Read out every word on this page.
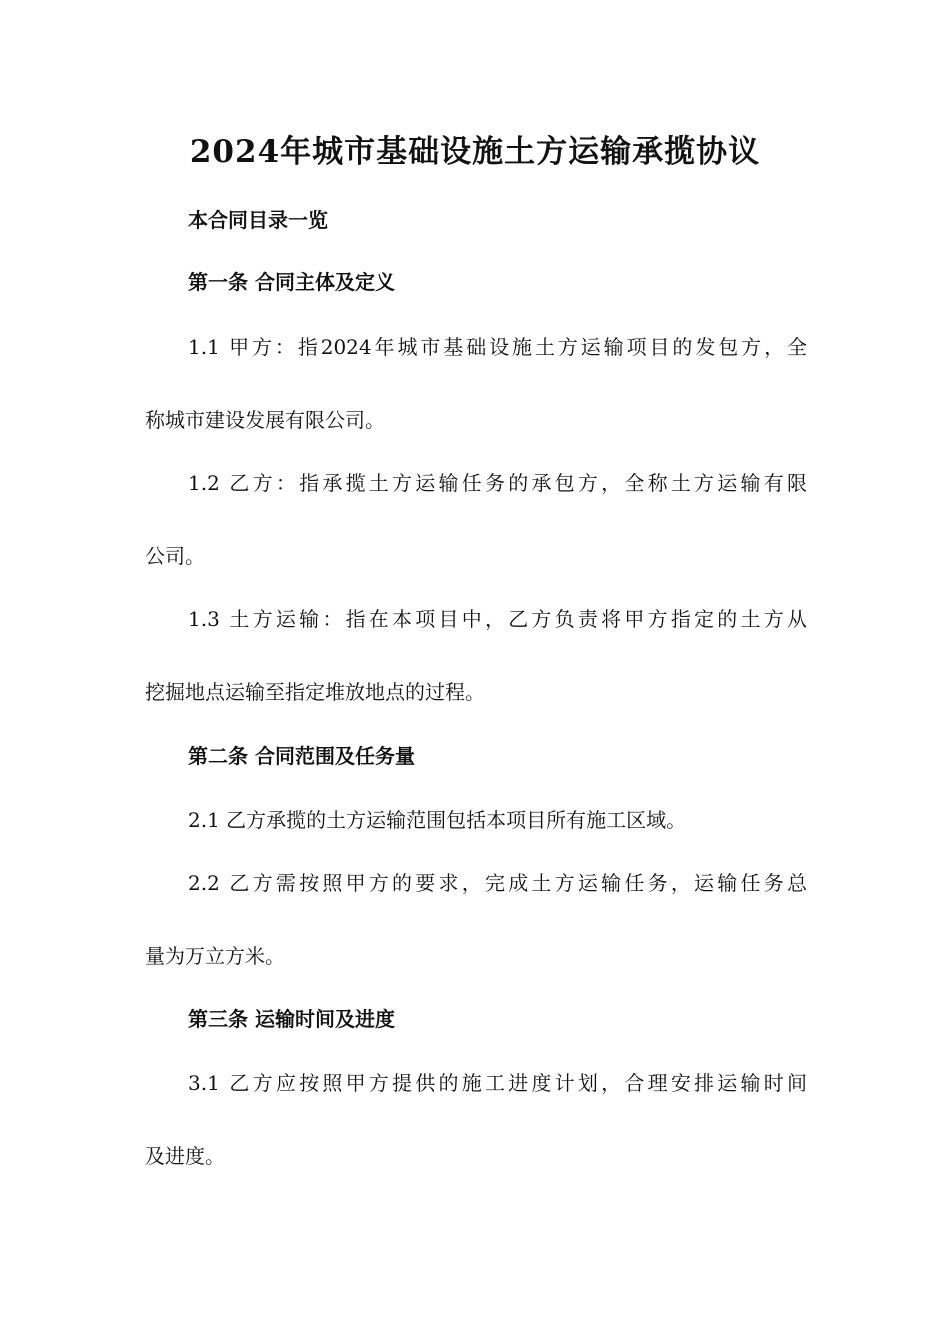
2024年城市基础设施土方运输承揽协议
本合同目录一览
第一条 合同主体及定义
1.1 甲方：指2024年城市基础设施土方运输项目的发包方，全
称城市建设发展有限公司。
1.2 乙方：指承揽土方运输任务的承包方，全称土方运输有限
公司。
1.3 土方运输：指在本项目中，乙方负责将甲方指定的土方从
挖掘地点运输至指定堆放地点的过程。
第二条 合同范围及任务量
2.1 乙方承揽的土方运输范围包括本项目所有施工区域。
2.2 乙方需按照甲方的要求，完成土方运输任务，运输任务总
量为万立方米。
第三条 运输时间及进度
3.1 乙方应按照甲方提供的施工进度计划，合理安排运输时间
及进度。
